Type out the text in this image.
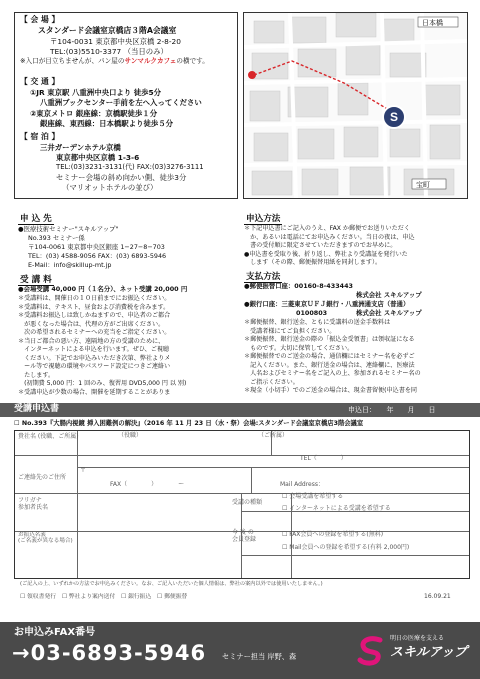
【 会 場 】
スタンダード会議室京橋店３階A会議室
〒104-0031 東京都中央区京橋 2-8-20
TEL:(03)5510-3377 （当日のみ）
※入口が目立ちませんが、パン屋のサンマルクカフェの横です。
【 交 通 】
①JR 東京駅 八重洲中央口より 徒歩5分
八重洲ブックセンター手前を左へ入ってください
②東京メトロ 銀座線：京橋駅徒歩１分
銀座線、東西線：日本橋駅より徒歩５分
【 宿 泊 】
三井ガーデンホテル京橋
東京都中央区京橋 1-3-6
TEL:(03)3231-3131(代) FAX:(03)3276-3111
セミナー会場の斜め向かい側、徒歩3分
（マリオットホテルの並び）
S
日本橋
宝町
申 込 先
●医療技術セミナー"スキルアップ"
No.393 セミナー係
〒104-0061 東京都中央区銀座 1−27−8−703
TEL：(03) 4588-9056 FAX：(03) 6893-5946
E-Mail：info@skillup-mt.jp
受 講 料
●会場受講 40,000 円（１名分）、ネット受講 20,000 円
＊受講料は、開催日の１０日前までにお振込ください。
＊受講料は、テキスト、昼食および消費税を含みます。
＊受講料お振込しは致しかねますので、申込者のご都合
　が悪くなった場合は、代理の方がご出席ください。
　次の希望されるセミナーへの充当をご指定ください。
＊当日ご都合の悪い方、遠隔地の方の受講のために、
　インターネットによる申込を行います。ぜひ、ご視聴
　ください。下記でお申込みいただき次第、弊社よりメ
　ール等で視聴の環境やパスワード設定につきご連絡い
　たします。
　(初期費 5,000 円：1 回のみ、復習用 DVD5,000 円 以 別)
＊受講申込が少数の場合、開催を延期することがありま
申込方法
＊下記申込書にご記入のうえ、FAX か郵便でお送りいただく
　か、あるいは電話にてお申込みください。当日の夜は、申込
　書の受付順に限定させていただきますのでお早めに。
●申込書を受取り後、折り返し、弊社より受講証を発行いた
　します（その際、郵便振替用紙を同封します）。
支払方法
●郵便振替口座：00160-8-433443
株式会社 スキルアップ
●銀行口座：三菱東京ＵＦＪ銀行・八重洲通支店（普通）
0100803	株式会社 スキルアップ
＊郵便振替、銀行送金、ともに受講料の送金手数料は
　受講者様にてご負担ください。
＊郵便振替、銀行送金の際の「振込金受領書」は領収証になる
　ものです。大切に保管してください。
＊郵便振替でのご送金の場合、通信欄にはセミナー名を必ずご
　記入ください。また、銀行送金の場合は、連絡欄に、医療法
　人名およびセミナー名をご記入の上、参加されるセミナー名の
　ご指示ください。
＊現金（小切手）でのご送金の場合は、現金書留便(申込書を同
受講申込書	申込日：　　年　　月　　日
☐ No.393『大腸内視鏡 挿入困難例の解決』（2016 年 11 月 23 日（水・祭）会場:スタンダード会議室京橋店3階会議室
貴社名 (役職、ご所属)	（役職）	（ご所属）
TEL（　　　　）
ご連絡先のご住所
〒
FAX（　　　　）　　　　ー	Mail Address：
フリガナ
参加者氏名
受講の種類
☐ 会場受講を希望する
☐ インターネットによる受講を希望する
お振込名義
(ご名義が異なる場合)
今 後 の
会員登録
☐ FAX会員への登録を希望する(無料)
☐ Mail会員への登録を希望する(有料 2,000円)
(ご記入の上、いずれかの方法でお申込みください。なお、ご記入いただいた個人情報は、弊社の案内以外では使用いたしません。)
☐ 領収書発行　☐ 弊社より案内送付　☐ 銀行振込　☐ 郵便振替	16.09.21
お申込みFAX番号
→03-6893-5946 セミナー担当 岸野、森
明日の医療を支える
スキルアップ
